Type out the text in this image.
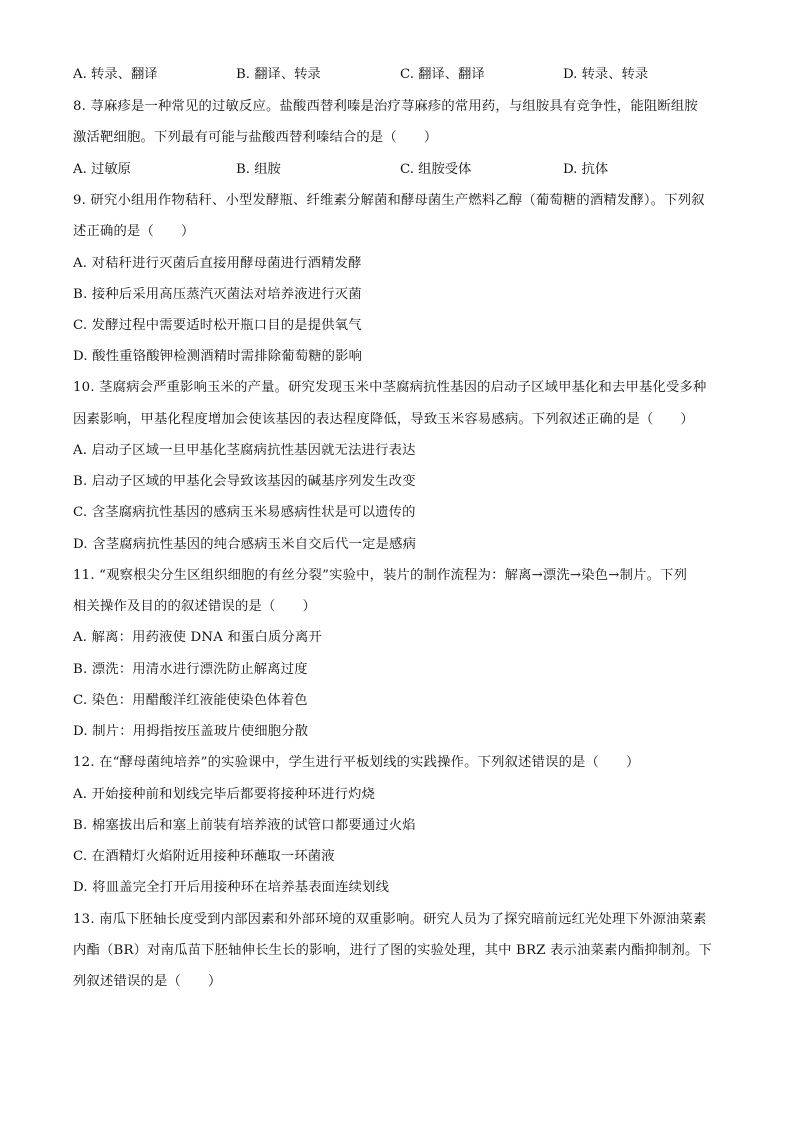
A. 转录、翻译	B. 翻译、转录	C. 翻译、翻译	D. 转录、转录
8. 荨麻疹是一种常见的过敏反应。盐酸西替利嗪是治疗荨麻疹的常用药，与组胺具有竞争性，能阻断组胺
激活靶细胞。下列最有可能与盐酸西替利嗪结合的是（　　）
A. 过敏原	B. 组胺	C. 组胺受体	D. 抗体
9. 研究小组用作物秸秆、小型发酵瓶、纤维素分解菌和酵母菌生产燃料乙醇（葡萄糖的酒精发酵）。下列叙
述正确的是（　　）
A. 对秸秆进行灭菌后直接用酵母菌进行酒精发酵
B. 接种后采用高压蒸汽灭菌法对培养液进行灭菌
C. 发酵过程中需要适时松开瓶口目的是提供氧气
D. 酸性重铬酸钾检测酒精时需排除葡萄糖的影响
10. 茎腐病会严重影响玉米的产量。研究发现玉米中茎腐病抗性基因的启动子区域甲基化和去甲基化受多种
因素影响，甲基化程度增加会使该基因的表达程度降低，导致玉米容易感病。下列叙述正确的是（　　）
A. 启动子区域一旦甲基化茎腐病抗性基因就无法进行表达
B. 启动子区域的甲基化会导致该基因的碱基序列发生改变
C. 含茎腐病抗性基因的感病玉米易感病性状是可以遗传的
D. 含茎腐病抗性基因的纯合感病玉米自交后代一定是感病
11. “观察根尖分生区组织细胞的有丝分裂”实验中，装片的制作流程为：解离→漂洗→染色→制片。下列
相关操作及目的的叙述错误的是（　　）
A. 解离：用药液使 DNA 和蛋白质分离开
B. 漂洗：用清水进行漂洗防止解离过度
C. 染色：用醋酸洋红液能使染色体着色
D. 制片：用拇指按压盖玻片使细胞分散
12. 在“酵母菌纯培养”的实验课中，学生进行平板划线的实践操作。下列叙述错误的是（　　）
A. 开始接种前和划线完毕后都要将接种环进行灼烧
B. 棉塞拔出后和塞上前装有培养液的试管口都要通过火焰
C. 在酒精灯火焰附近用接种环蘸取一环菌液
D. 将皿盖完全打开后用接种环在培养基表面连续划线
13. 南瓜下胚轴长度受到内部因素和外部环境的双重影响。研究人员为了探究暗前远红光处理下外源油菜素
内酯（BR）对南瓜苗下胚轴伸长生长的影响，进行了图的实验处理，其中 BRZ 表示油菜素内酯抑制剂。下
列叙述错误的是（　　）
